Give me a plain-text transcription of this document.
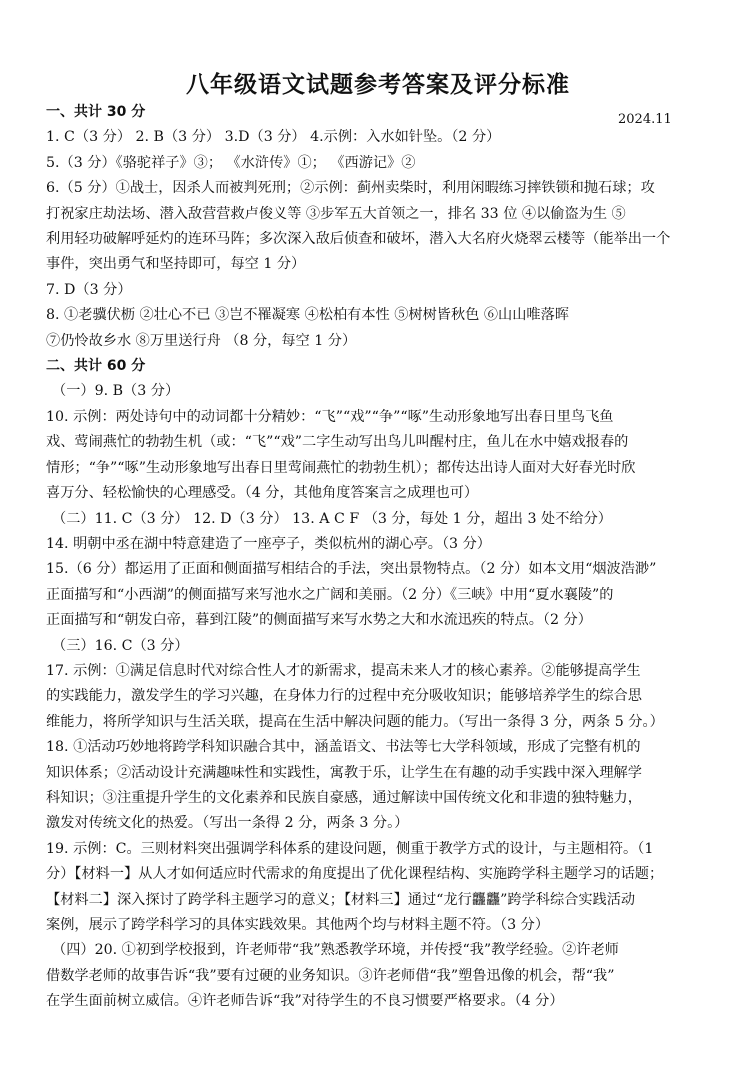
八年级语文试题参考答案及评分标准
2024.11

一、共计 30 分

1. C（3 分） 2. B（3 分） 3.D（3 分） 4.示例：入水如针坠。（2 分）

5.（3 分）《骆驼祥子》③； 《水浒传》①； 《西游记》②

6.（5 分）①战士，因杀人而被判死刑；②示例：蓟州卖柴时，利用闲暇练习摔铁锁和抛石球；攻

打祝家庄劫法场、潜入敌营营救卢俊义等 ③步军五大首领之一，排名 33 位 ④以偷盗为生 ⑤

利用轻功破解呼延灼的连环马阵；多次深入敌后侦查和破坏，潜入大名府火烧翠云楼等（能举出一个

事件，突出勇气和坚持即可，每空 1 分）

7. D（3 分）

8. ①老骥伏枥 ②壮心不已 ③岂不罹凝寒 ④松柏有本性 ⑤树树皆秋色 ⑥山山唯落晖

⑦仍怜故乡水 ⑧万里送行舟 （8 分，每空 1 分）

二、共计 60 分

（一）9. B（3 分）

10. 示例：两处诗句中的动词都十分精妙：“飞”“戏”“争”“啄”生动形象地写出春日里鸟飞鱼

戏、莺闹燕忙的勃勃生机（或：“飞”“戏”二字生动写出鸟儿叫醒村庄，鱼儿在水中嬉戏报春的

情形；“争”“啄”生动形象地写出春日里莺闹燕忙的勃勃生机）；都传达出诗人面对大好春光时欣

喜万分、轻松愉快的心理感受。（4 分，其他角度答案言之成理也可）

（二）11. C（3 分） 12. D（3 分） 13. A C F （3 分，每处 1 分，超出 3 处不给分）

14. 明朝中丞在湖中特意建造了一座亭子，类似杭州的湖心亭。（3 分）

15.（6 分）都运用了正面和侧面描写相结合的手法，突出景物特点。（2 分）如本文用“烟波浩渺”

正面描写和“小西湖”的侧面描写来写池水之广阔和美丽。（2 分）《三峡》中用“夏水襄陵”的

正面描写和“朝发白帝，暮到江陵”的侧面描写来写水势之大和水流迅疾的特点。（2 分）

（三）16. C（3 分）

17. 示例：①满足信息时代对综合性人才的新需求，提高未来人才的核心素养。②能够提高学生

的实践能力，激发学生的学习兴趣，在身体力行的过程中充分吸收知识；能够培养学生的综合思

维能力，将所学知识与生活关联，提高在生活中解决问题的能力。（写出一条得 3 分，两条 5 分。）

18. ①活动巧妙地将跨学科知识融合其中，涵盖语文、书法等七大学科领域，形成了完整有机的

知识体系；②活动设计充满趣味性和实践性，寓教于乐，让学生在有趣的动手实践中深入理解学

科知识；③注重提升学生的文化素养和民族自豪感，通过解读中国传统文化和非遗的独特魅力，

激发对传统文化的热爱。（写出一条得 2 分，两条 3 分。）

19. 示例：C。三则材料突出强调学科体系的建设问题，侧重于教学方式的设计，与主题相符。（1

分）【材料一】从人才如何适应时代需求的角度提出了优化课程结构、实施跨学科主题学习的话题；

【材料二】深入探讨了跨学科主题学习的意义；【材料三】通过“龙行龘龘”跨学科综合实践活动

案例，展示了跨学科学习的具体实践效果。其他两个均与材料主题不符。（3 分）

（四）20. ①初到学校报到，许老师带“我”熟悉教学环境，并传授“我”教学经验。②许老师

借数学老师的故事告诉“我”要有过硬的业务知识。③许老师借“我”塑鲁迅像的机会，帮“我”

在学生面前树立威信。④许老师告诉“我”对待学生的不良习惯要严格要求。（4 分）
